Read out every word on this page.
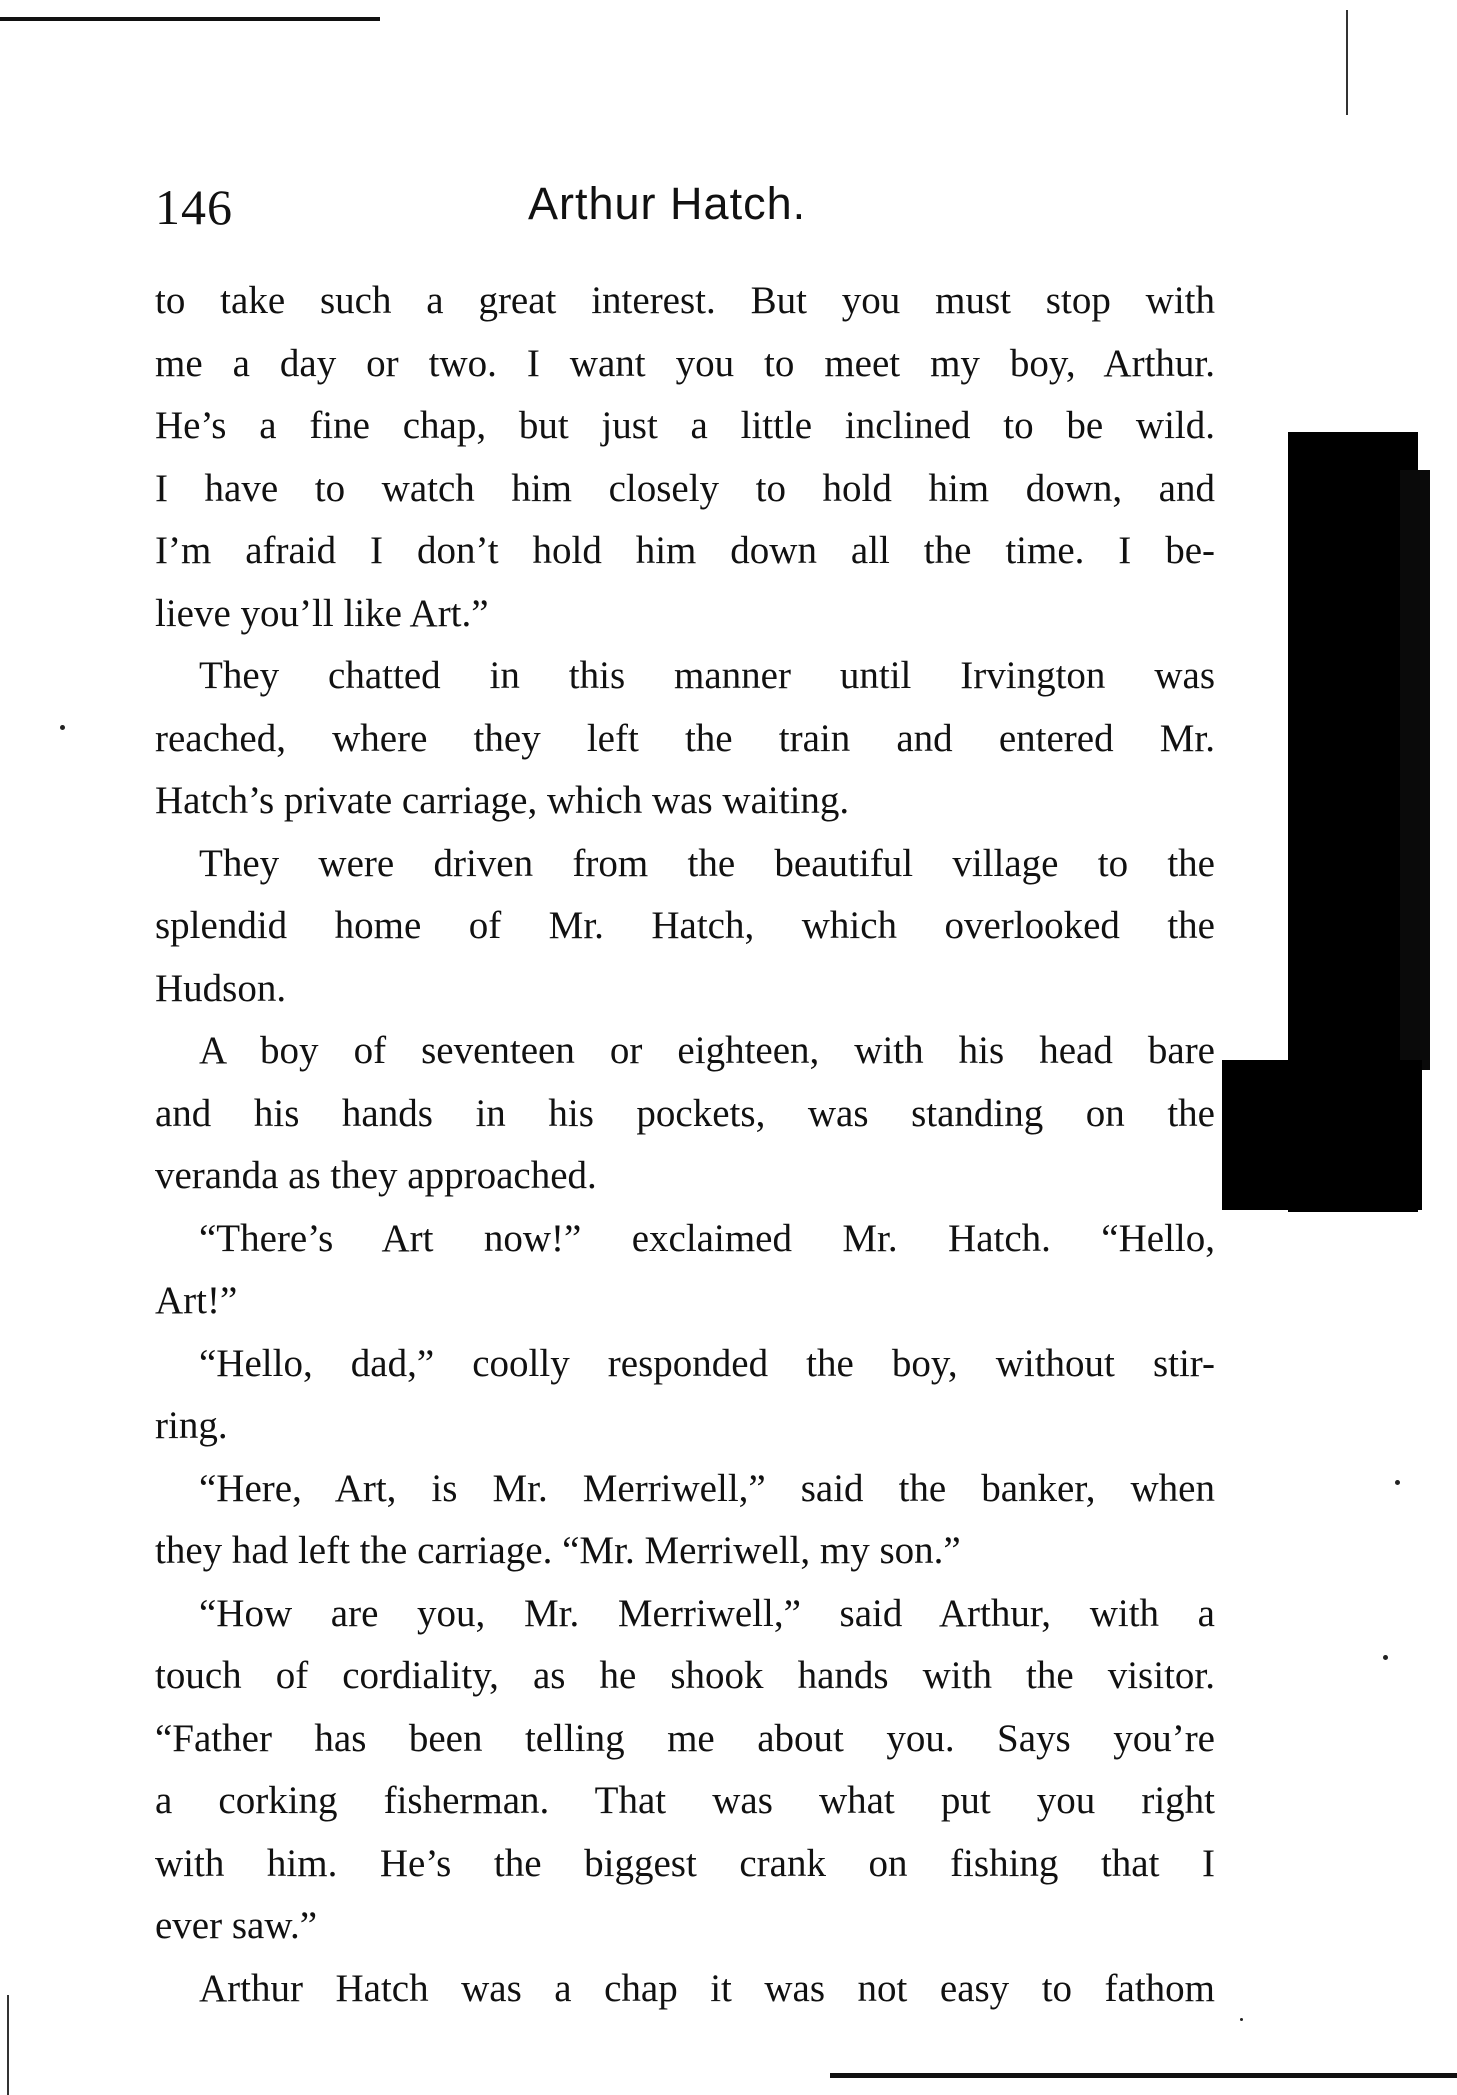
146	Arthur Hatch.
to take such a great interest. But you must stop with
me a day or two. I want you to meet my boy, Arthur.
He’s a fine chap, but just a little inclined to be wild.
I have to watch him closely to hold him down, and
I’m afraid I don’t hold him down all the time. I be-
lieve you’ll like Art.”
They chatted in this manner until Irvington was
reached, where they left the train and entered Mr.
Hatch’s private carriage, which was waiting.
They were driven from the beautiful village to the
splendid home of Mr. Hatch, which overlooked the
Hudson.
A boy of seventeen or eighteen, with his head bare
and his hands in his pockets, was standing on the
veranda as they approached.
“There’s Art now!” exclaimed Mr. Hatch. “Hello,
Art!”
“Hello, dad,” coolly responded the boy, without stir-
ring.
“Here, Art, is Mr. Merriwell,” said the banker, when
they had left the carriage. “Mr. Merriwell, my son.”
“How are you, Mr. Merriwell,” said Arthur, with a
touch of cordiality, as he shook hands with the visitor.
“Father has been telling me about you. Says you’re
a corking fisherman. That was what put you right
with him. He’s the biggest crank on fishing that I
ever saw.”
Arthur Hatch was a chap it was not easy to fathom
